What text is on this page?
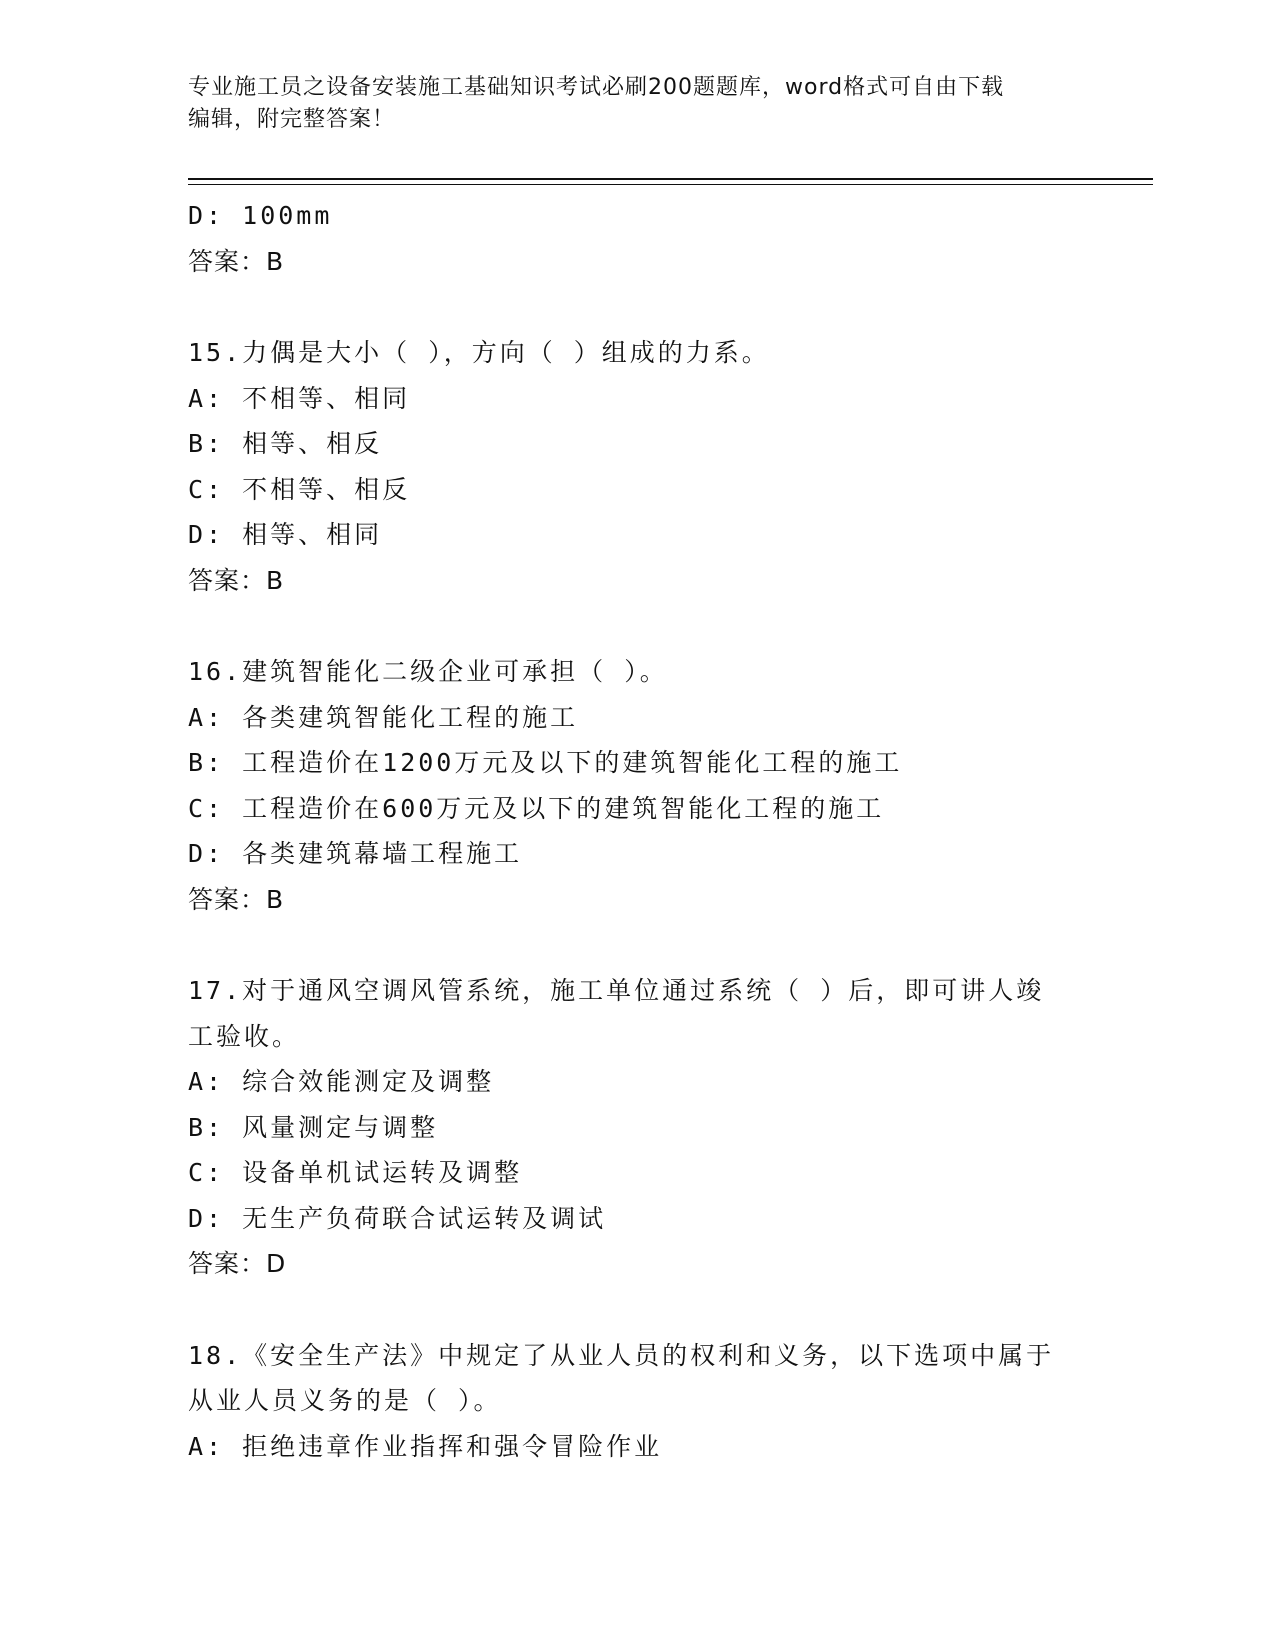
专业施工员之设备安装施工基础知识考试必刷200题题库，word格式可自由下载
编辑，附完整答案！
D: 100mm
答案：B
15.力偶是大小（ ），方向（ ）组成的力系。
A: 不相等、相同
B: 相等、相反
C: 不相等、相反
D: 相等、相同
答案：B
16.建筑智能化二级企业可承担（ ）。
A: 各类建筑智能化工程的施工
B: 工程造价在1200万元及以下的建筑智能化工程的施工
C: 工程造价在600万元及以下的建筑智能化工程的施工
D: 各类建筑幕墙工程施工
答案：B
17.对于通风空调风管系统，施工单位通过系统（ ）后，即可讲人竣
工验收。
A: 综合效能测定及调整
B: 风量测定与调整
C: 设备单机试运转及调整
D: 无生产负荷联合试运转及调试
答案：D
18.《安全生产法》中规定了从业人员的权利和义务，以下选项中属于
从业人员义务的是（ ）。
A: 拒绝违章作业指挥和强令冒险作业
